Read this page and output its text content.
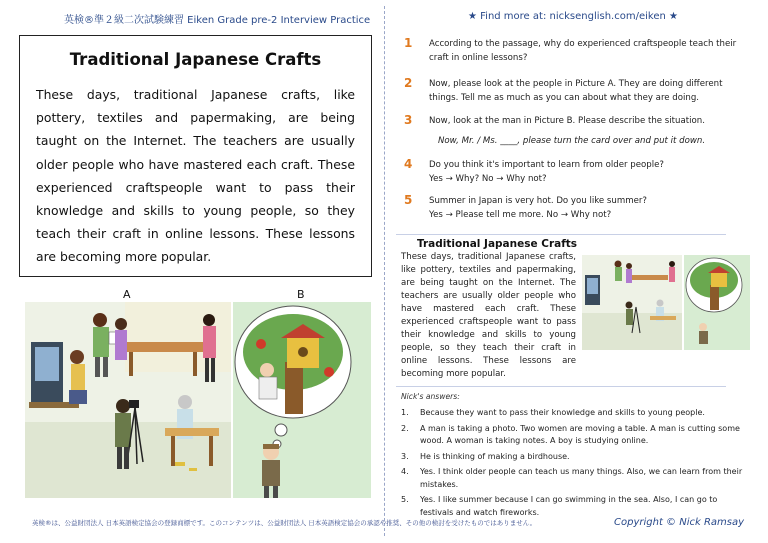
英検®準２級二次試験練習 Eiken Grade pre-2 Interview Practice	★ Find more at: nicksenglish.com/eiken ★
Traditional Japanese Crafts
These days, traditional Japanese crafts, like pottery, textiles and papermaking, are being taught on the Internet. The teachers are usually older people who have mastered each craft. These experienced craftspeople want to pass their knowledge and skills to young people, so they teach their craft in online lessons. These lessons are becoming more popular.
A	B
英検®は、公益財団法人 日本英語検定協会の登録商標です。このコンテンツは、公益財団法人 日本英語検定協会の承認や推奨、その他の検討を受けたものではありません。	Copyright © Nick Ramsay
1 According to the passage, why do experienced craftspeople teach their craft in online lessons?
2 Now, please look at the people in Picture A. They are doing different things. Tell me as much as you can about what they are doing.
3 Now, look at the man in Picture B. Please describe the situation.
Now, Mr. / Ms. ____, please turn the card over and put it down.
4 Do you think it's important to learn from older people?
Yes → Why? No → Why not?
5 Summer in Japan is very hot. Do you like summer?
Yes → Please tell me more. No → Why not?
Traditional Japanese Crafts
These days, traditional Japanese crafts, like pottery, textiles and papermaking, are being taught on the Internet. The teachers are usually older people who have mastered each craft. These experienced craftspeople want to pass their knowledge and skills to young people, so they teach their craft in online lessons. These lessons are becoming more popular.
Nick's answers:
1. Because they want to pass their knowledge and skills to young people.
2. A man is taking a photo. Two women are moving a table. A man is cutting some wood. A woman is taking notes. A boy is studying online.
3. He is thinking of making a birdhouse.
4. Yes. I think older people can teach us many things. Also, we can learn from their mistakes.
5. Yes. I like summer because I can go swimming in the sea. Also, I can go to festivals and watch fireworks.
